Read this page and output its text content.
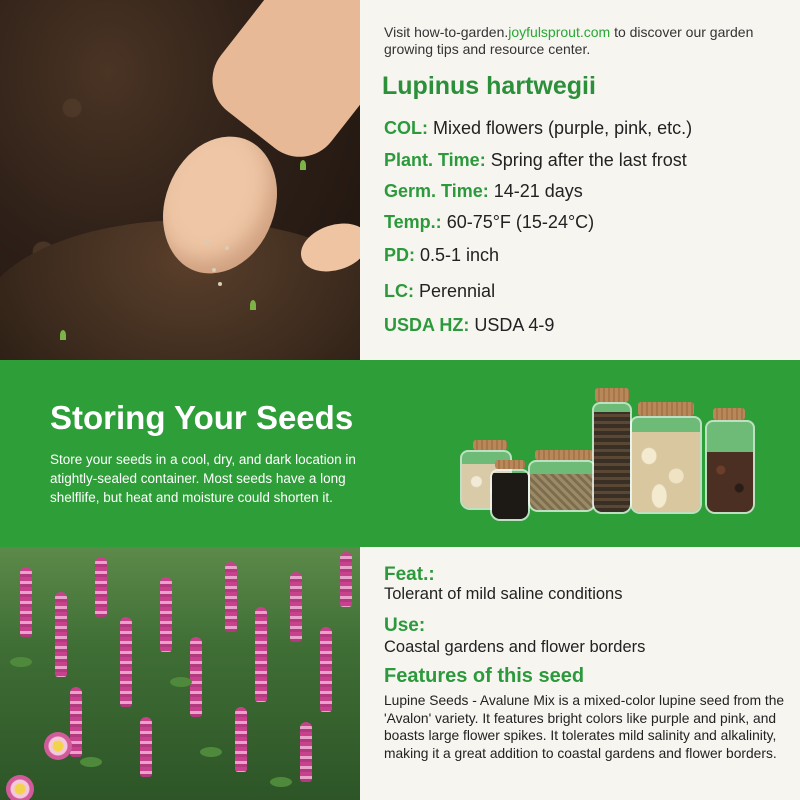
Visit how-to-garden.joyfulsprout.com to discover our garden growing tips and resource center.

Lupinus hartwegii
COL: Mixed flowers (purple, pink, etc.)
Plant. Time: Spring after the last frost
Germ. Time: 14-21 days
Temp.: 60-75°F (15-24°C)
PD: 0.5-1 inch
LC: Perennial
USDA HZ: USDA 4-9
Storing Your Seeds

Store your seeds in a cool, dry, and dark location in atightly-sealed container. Most seeds have a long shelflife, but heat and moisture could shorten it.

Feat.:

Tolerant of mild saline conditions

Use:

Coastal gardens and flower borders

Features of this seed

Lupine Seeds - Avalune Mix is a mixed-color lupine seed from the 'Avalon' variety. It features bright colors like purple and pink, and boasts large flower spikes. It tolerates mild salinity and alkalinity, making it a great addition to coastal gardens and flower borders.
